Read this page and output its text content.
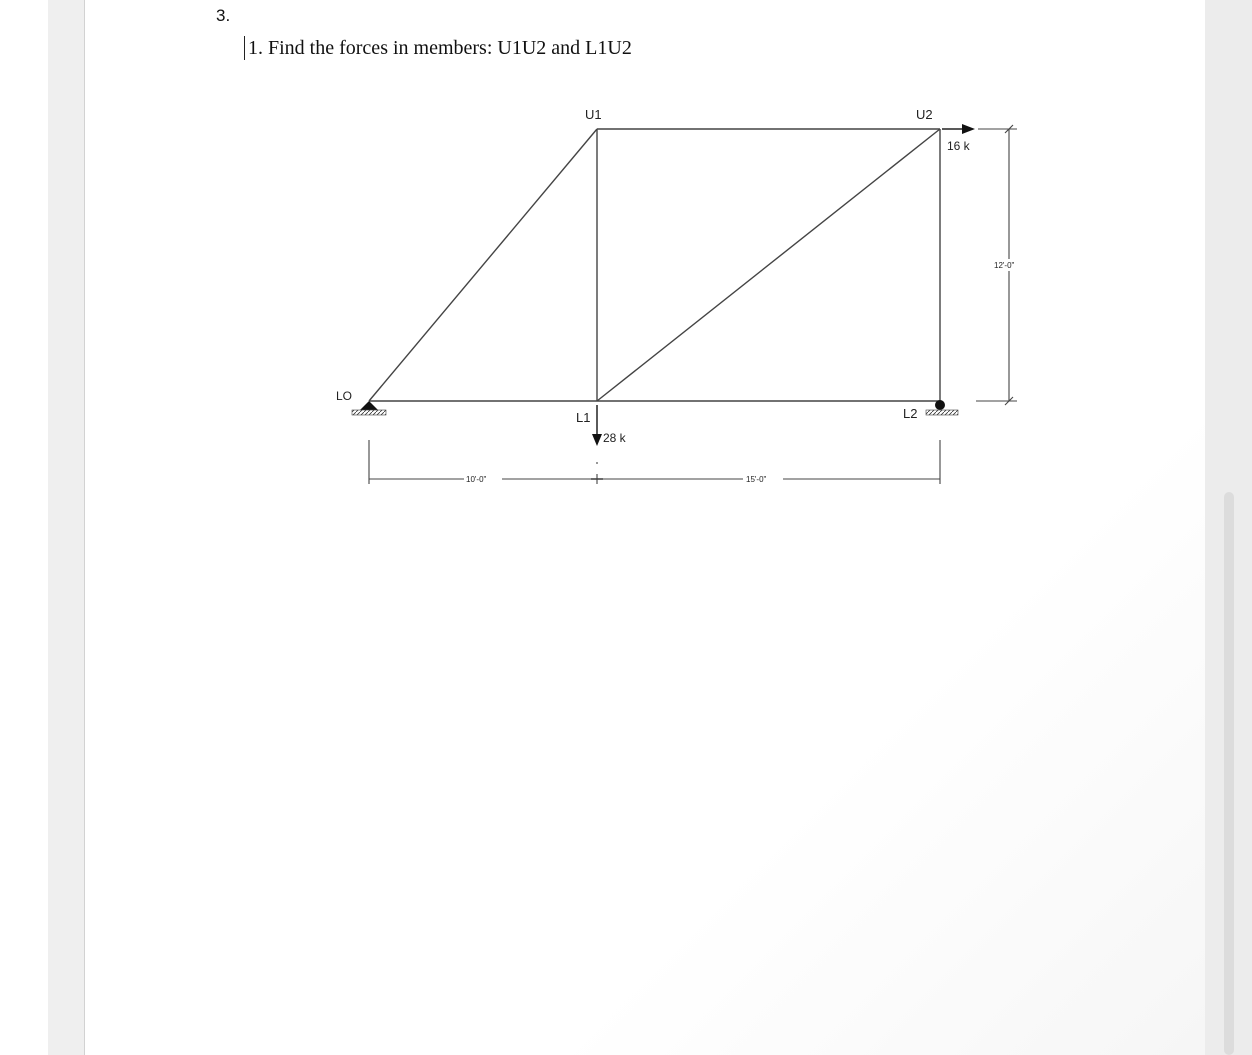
3.
1. Find the forces in members: U1U2 and L1U2
U1	U2
LO
L1	L2
16 k
28 k
12'-0"
10'-0"	15'-0"
